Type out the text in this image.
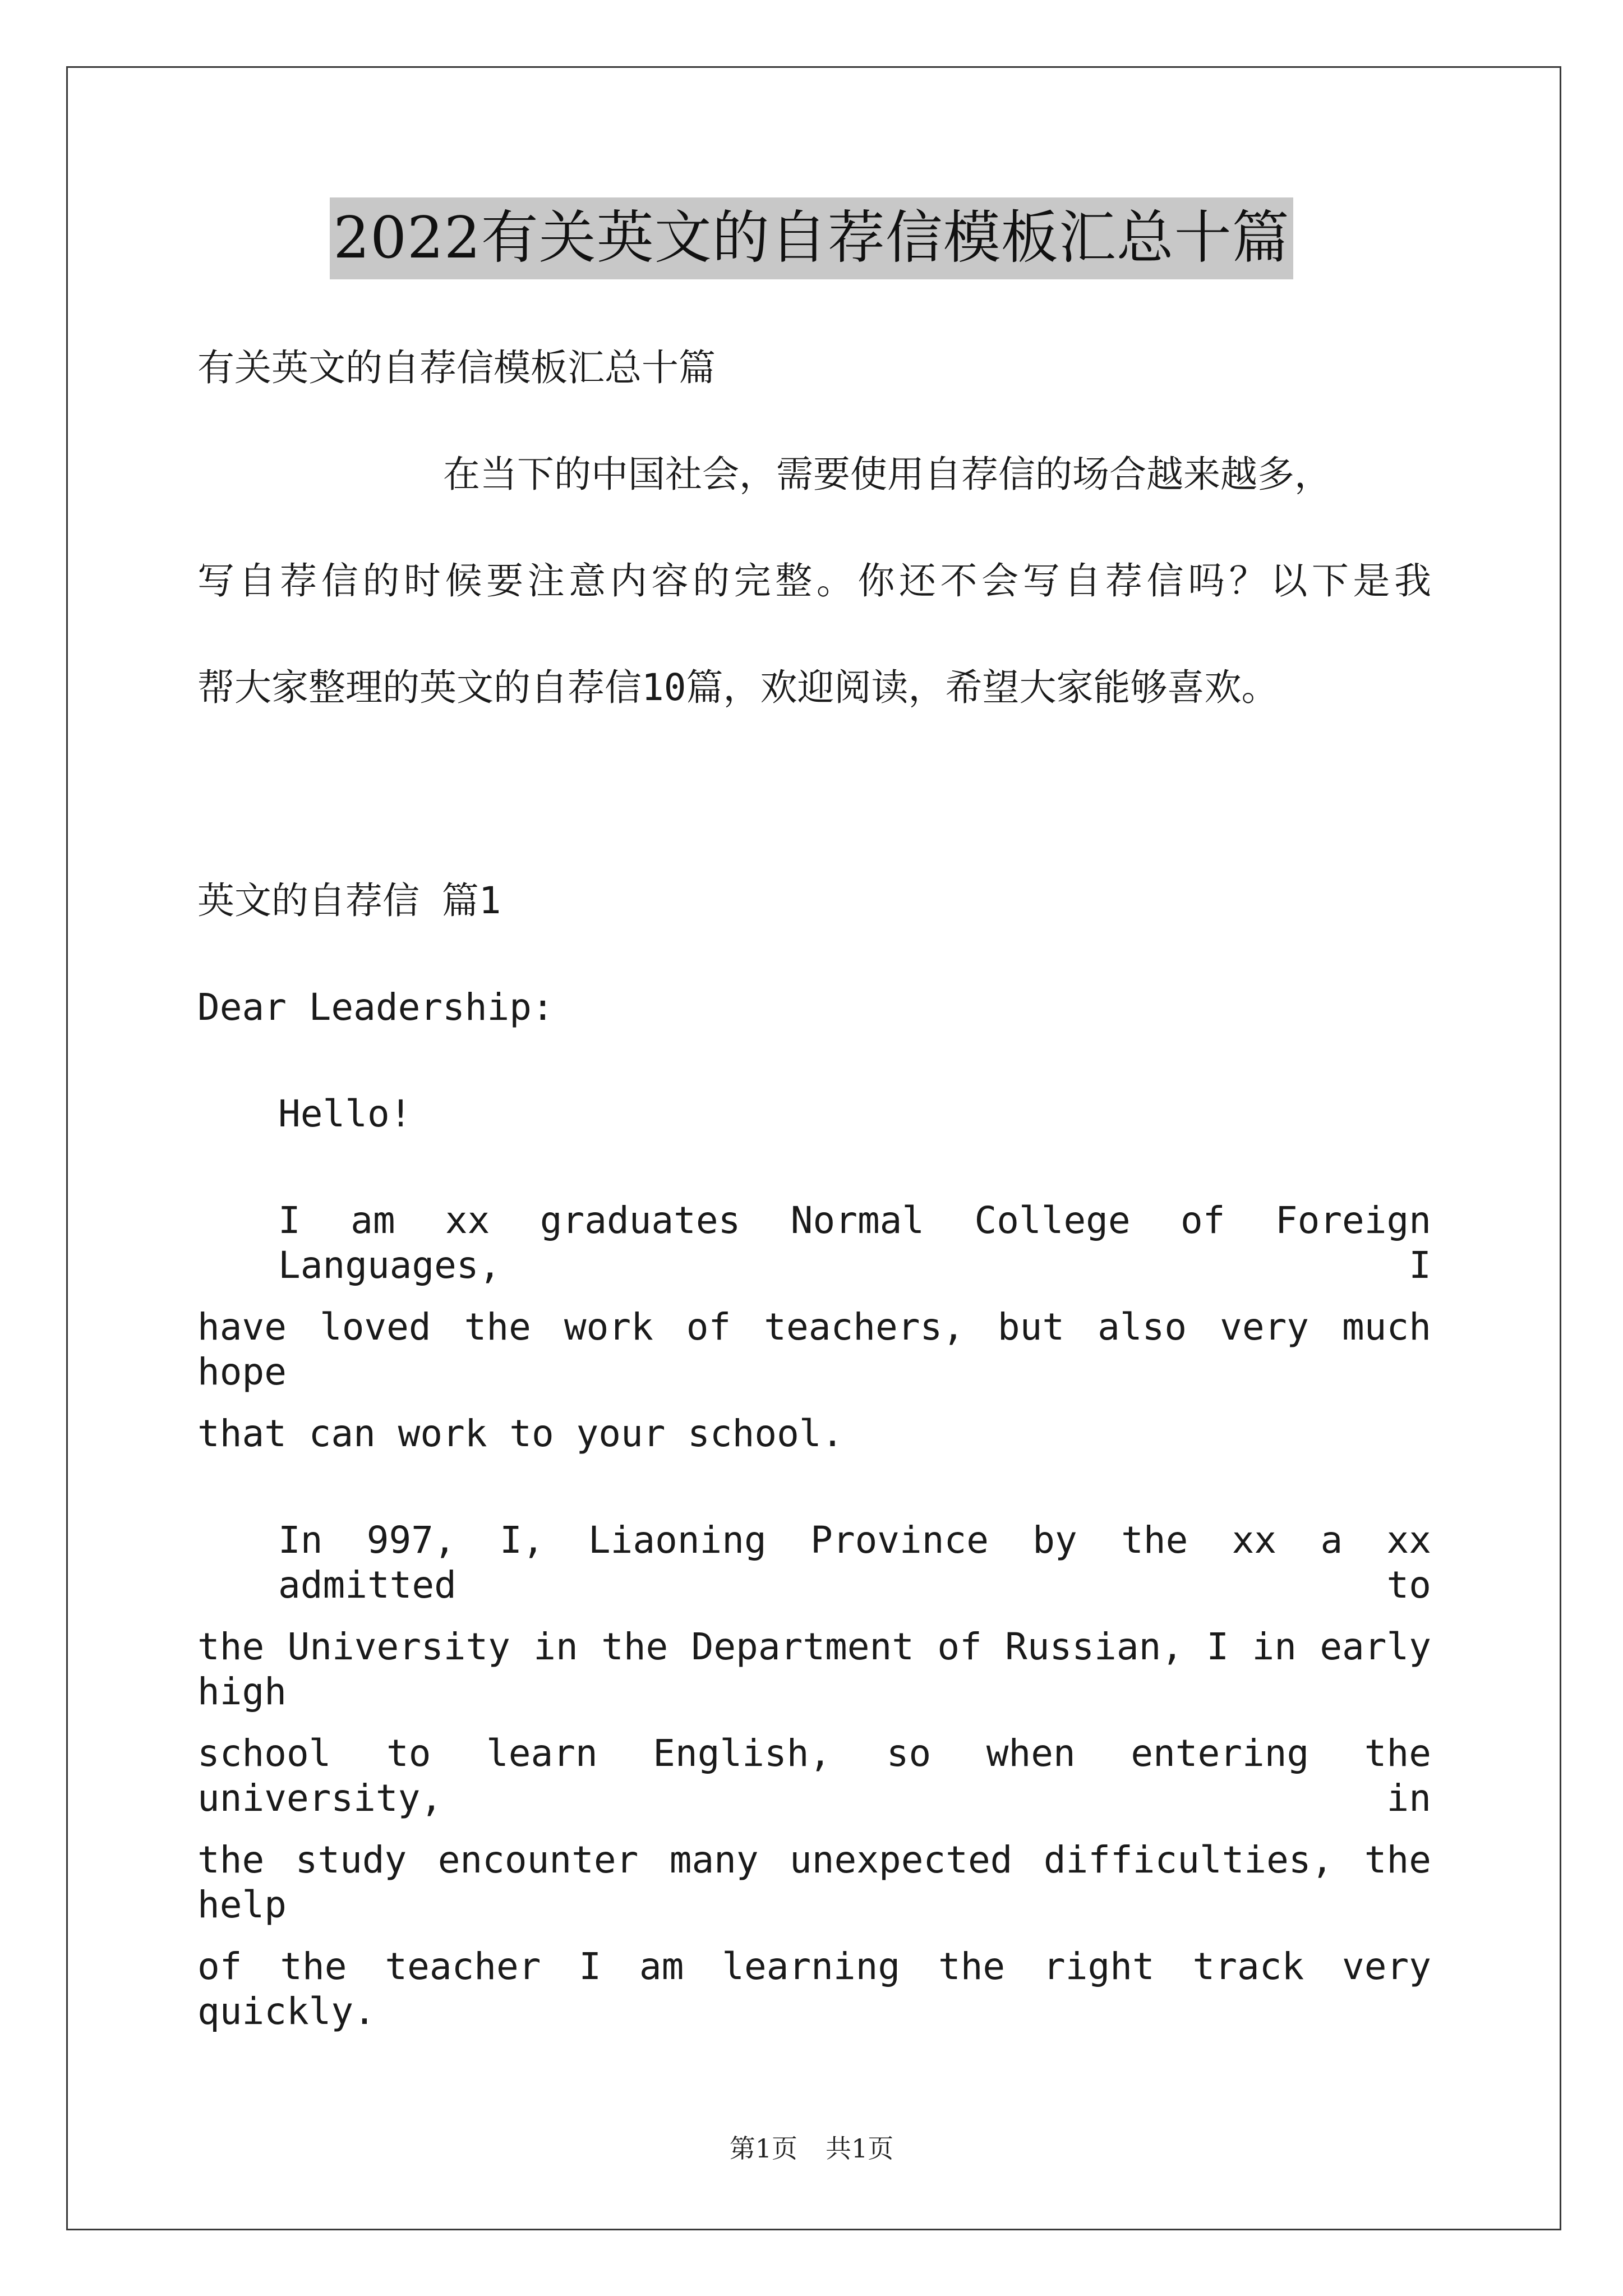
2022有关英文的自荐信模板汇总十篇
有关英文的自荐信模板汇总十篇
在当下的中国社会，需要使用自荐信的场合越来越多，
写自荐信的时候要注意内容的完整。你还不会写自荐信吗？以下是我
帮大家整理的英文的自荐信10篇，欢迎阅读，希望大家能够喜欢。
英文的自荐信 篇1
Dear Leadership:
Hello!
I am xx graduates Normal College of Foreign Languages, I
have loved the work of teachers, but also very much hope
that can work to your school.
In 997, I, Liaoning Province by the xx a xx admitted to
the University in the Department of Russian, I in early high
school to learn English, so when entering the university, in
the study encounter many unexpected difficulties, the help
of the teacher I am learning the right track very quickly.
第1页 共1页
